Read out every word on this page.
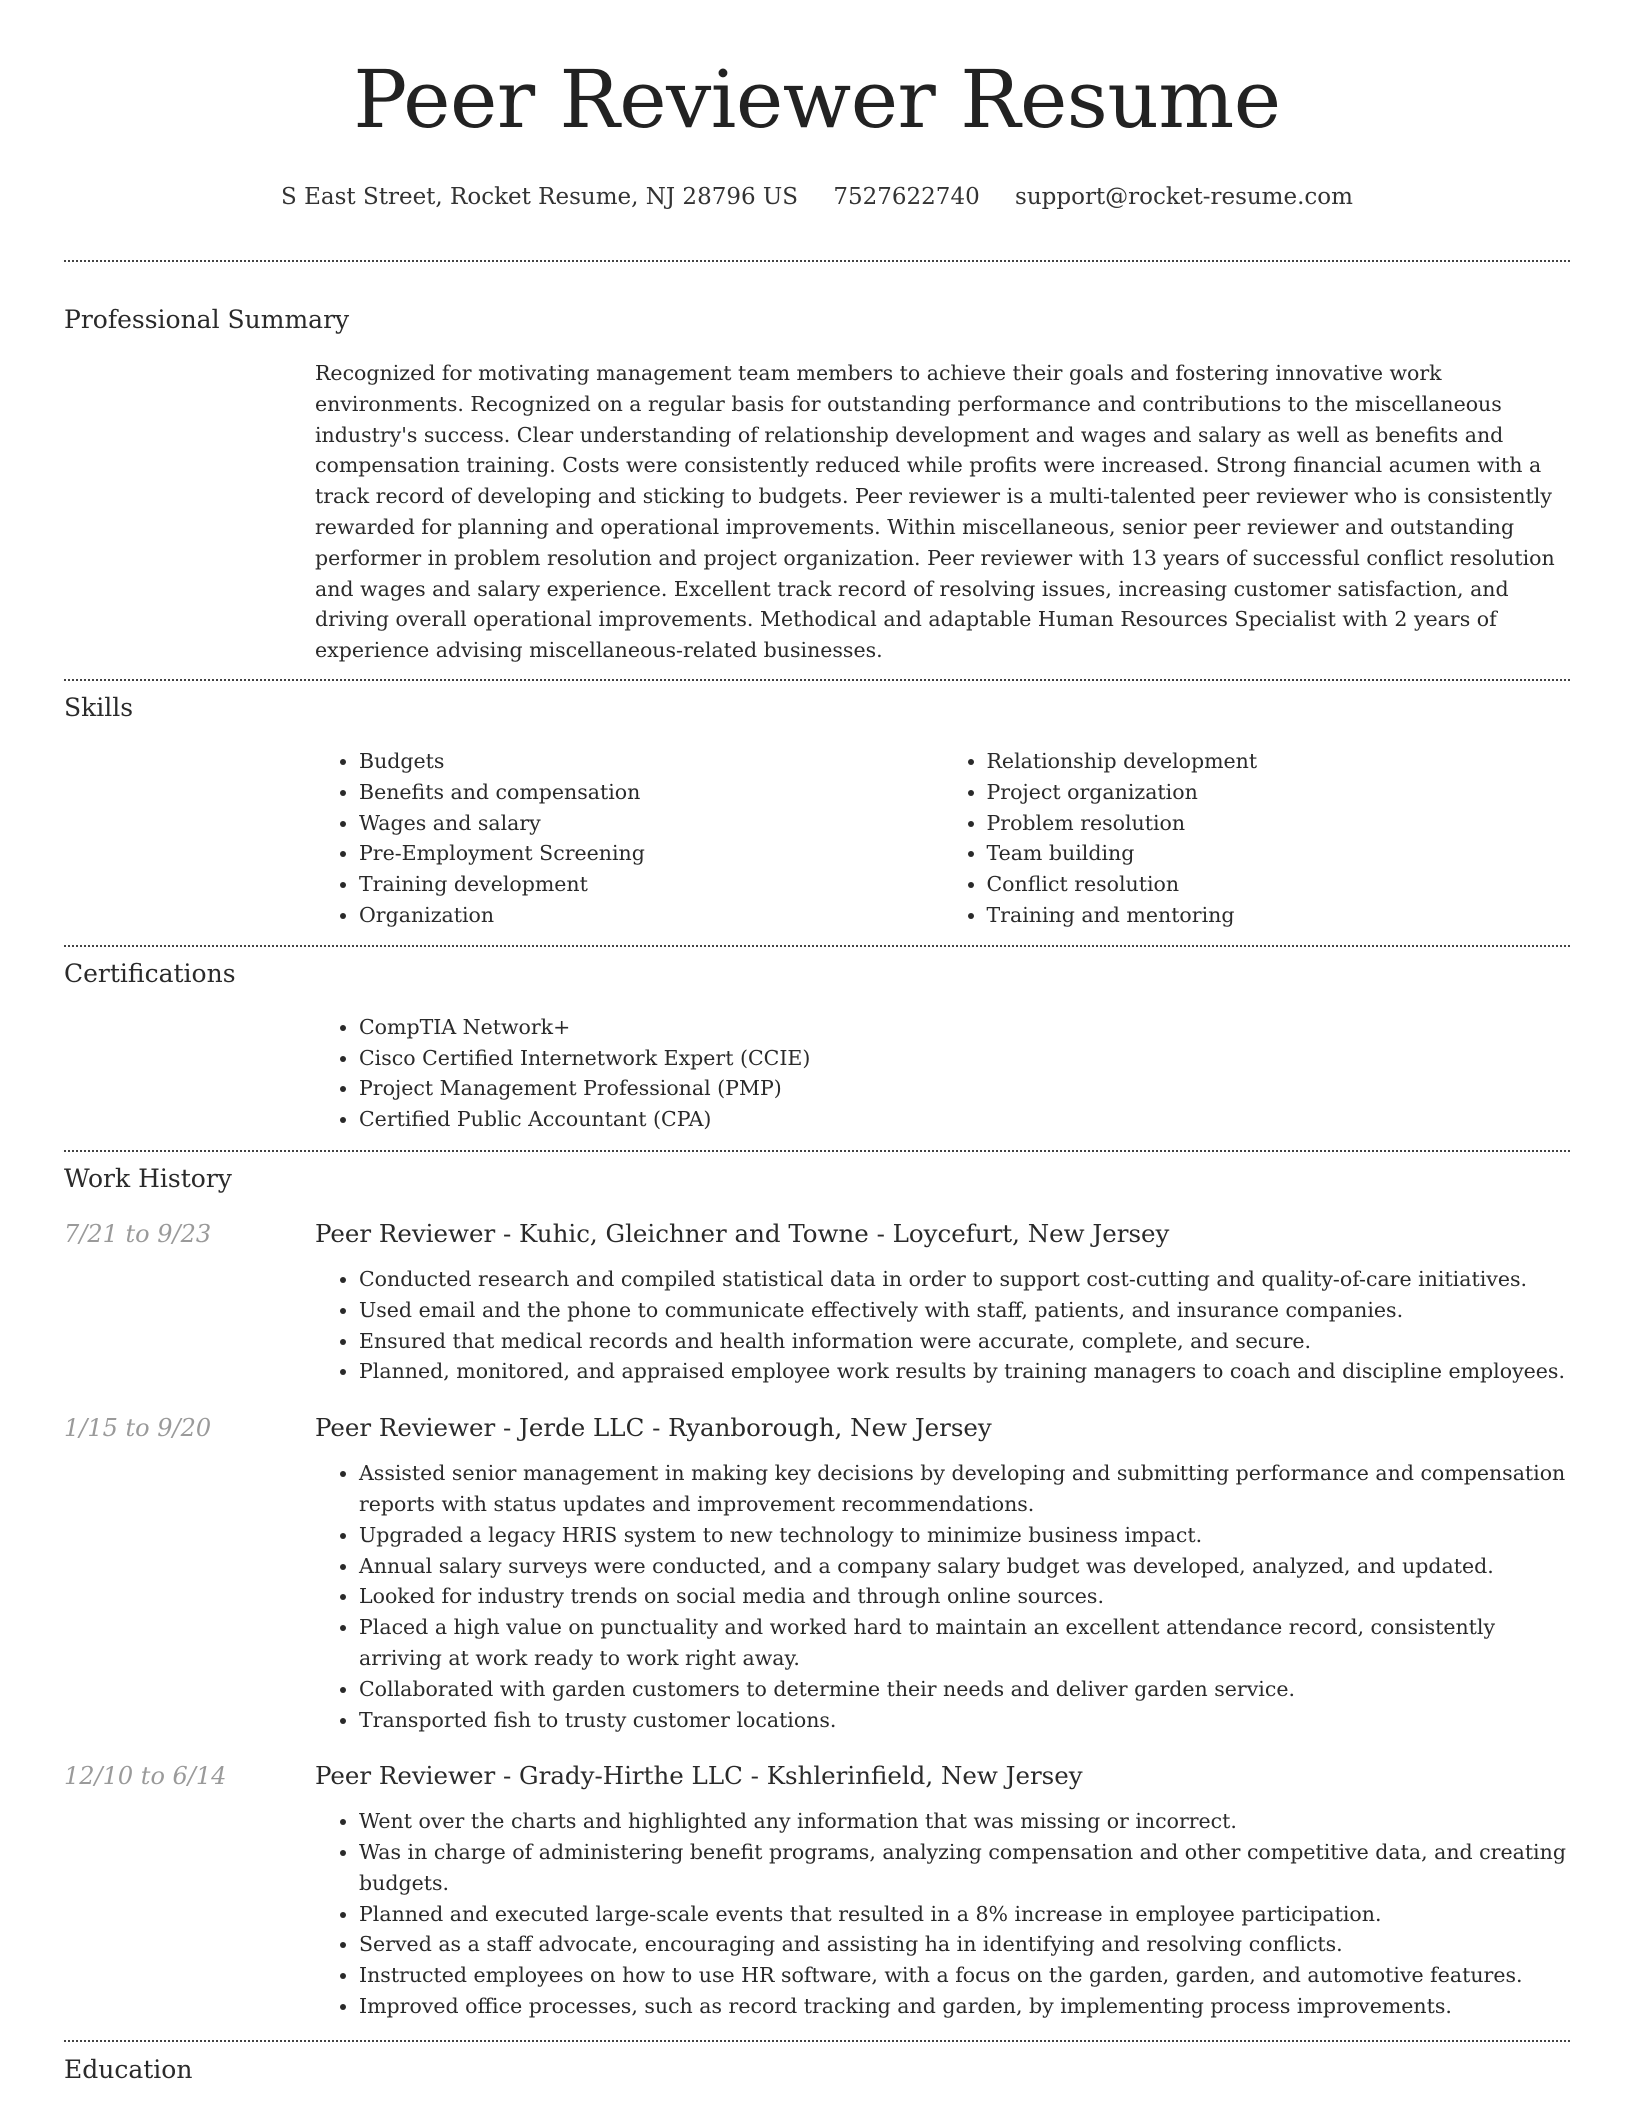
Peer Reviewer Resume
S East Street, Rocket Resume, NJ 28796 US 7527622740 support@rocket-resume.com
Professional Summary

Recognized for motivating management team members to achieve their goals and fostering innovative work environments. Recognized on a regular basis for outstanding performance and contributions to the miscellaneous industry's success. Clear understanding of relationship development and wages and salary as well as benefits and compensation training. Costs were consistently reduced while profits were increased. Strong financial acumen with a track record of developing and sticking to budgets. Peer reviewer is a multi-talented peer reviewer who is consistently rewarded for planning and operational improvements. Within miscellaneous, senior peer reviewer and outstanding performer in problem resolution and project organization. Peer reviewer with 13 years of successful conflict resolution and wages and salary experience. Excellent track record of resolving issues, increasing customer satisfaction, and driving overall operational improvements. Methodical and adaptable Human Resources Specialist with 2 years of experience advising miscellaneous-related businesses.

Skills
• Budgets
• Benefits and compensation
• Wages and salary
• Pre-Employment Screening
• Training development
• Organization
• Relationship development
• Project organization
• Problem resolution
• Team building
• Conflict resolution
• Training and mentoring
Certifications
• CompTIA Network+
• Cisco Certified Internetwork Expert (CCIE)
• Project Management Professional (PMP)
• Certified Public Accountant (CPA)
Work History
7/21 to 9/23	Peer Reviewer - Kuhic, Gleichner and Towne - Loycefurt, New Jersey
• Conducted research and compiled statistical data in order to support cost-cutting and quality-of-care initiatives.
• Used email and the phone to communicate effectively with staff, patients, and insurance companies.
• Ensured that medical records and health information were accurate, complete, and secure.
• Planned, monitored, and appraised employee work results by training managers to coach and discipline employees.
1/15 to 9/20	Peer Reviewer - Jerde LLC - Ryanborough, New Jersey
• Assisted senior management in making key decisions by developing and submitting performance and compensation reports with status updates and improvement recommendations.
• Upgraded a legacy HRIS system to new technology to minimize business impact.
• Annual salary surveys were conducted, and a company salary budget was developed, analyzed, and updated.
• Looked for industry trends on social media and through online sources.
• Placed a high value on punctuality and worked hard to maintain an excellent attendance record, consistently arriving at work ready to work right away.
• Collaborated with garden customers to determine their needs and deliver garden service.
• Transported fish to trusty customer locations.
12/10 to 6/14	Peer Reviewer - Grady-Hirthe LLC - Kshlerinfield, New Jersey
• Went over the charts and highlighted any information that was missing or incorrect.
• Was in charge of administering benefit programs, analyzing compensation and other competitive data, and creating budgets.
• Planned and executed large-scale events that resulted in a 8% increase in employee participation.
• Served as a staff advocate, encouraging and assisting ha in identifying and resolving conflicts.
• Instructed employees on how to use HR software, with a focus on the garden, garden, and automotive features.
• Improved office processes, such as record tracking and garden, by implementing process improvements.
Education
